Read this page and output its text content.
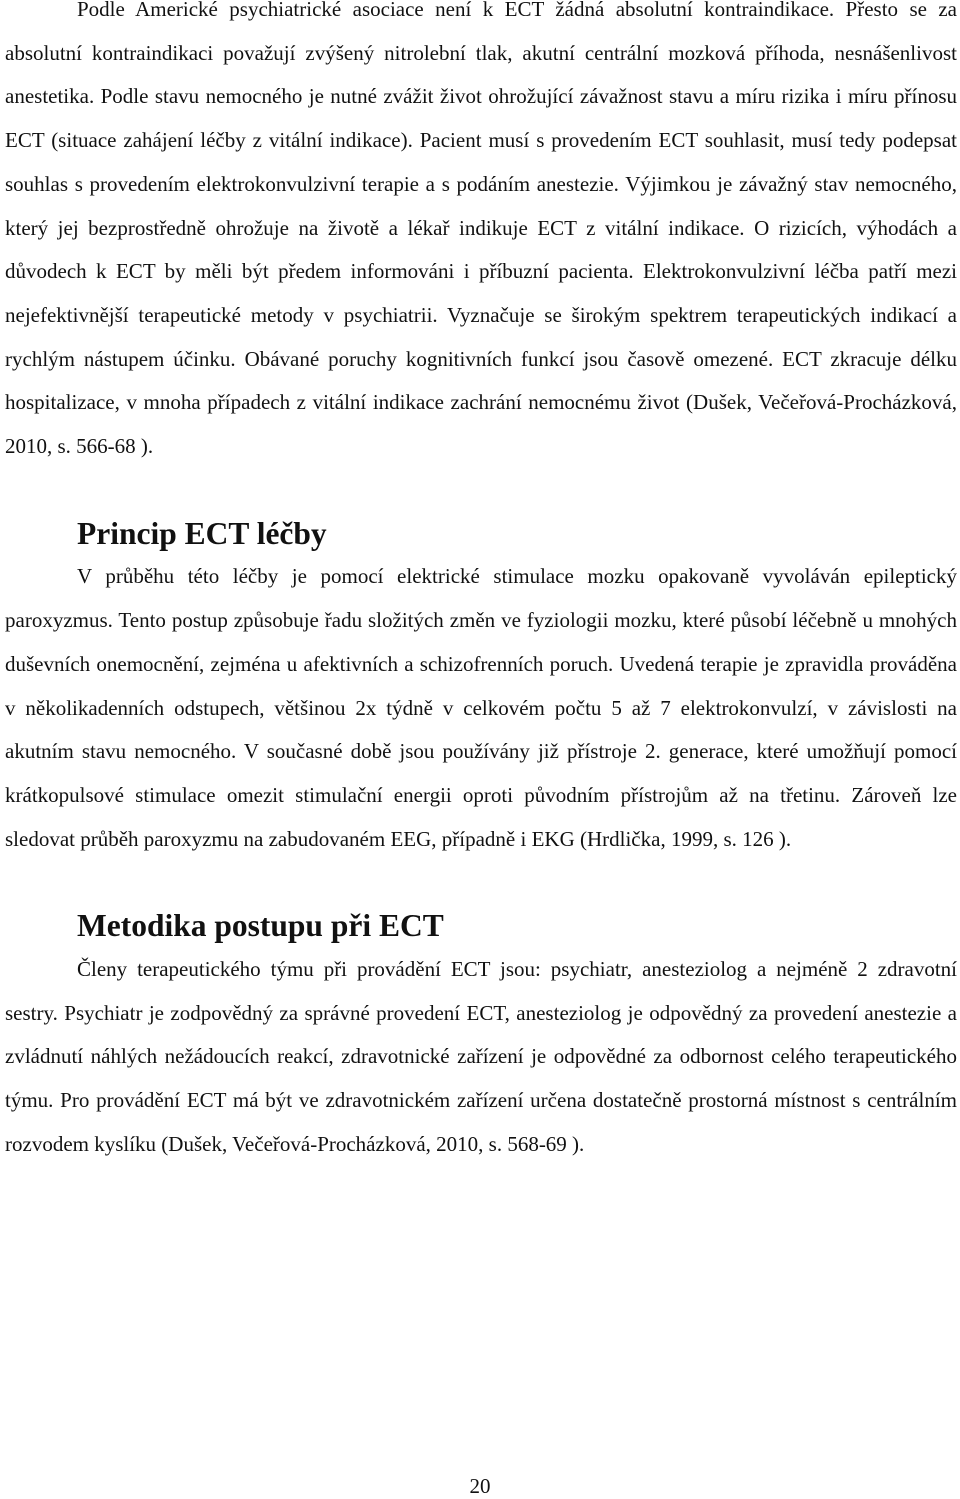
Podle Americké psychiatrické asociace není k ECT žádná absolutní kontraindikace. Přesto se za absolutní kontraindikaci považují zvýšený nitrolební tlak, akutní centrální mozková příhoda, nesnášenlivost anestetika. Podle stavu nemocného je nutné zvážit život ohrožující závažnost stavu a míru rizika i míru přínosu ECT (situace zahájení léčby z vitální indikace). Pacient musí s provedením ECT souhlasit, musí tedy podepsat souhlas s provedením elektrokonvulzivní terapie a s podáním anestezie. Výjimkou je závažný stav nemocného, který jej bezprostředně ohrožuje na životě a lékař indikuje ECT z vitální indikace. O rizicích, výhodách a důvodech k ECT by měli být předem informováni i příbuzní pacienta. Elektrokonvulzivní léčba patří mezi nejefektivnější terapeutické metody v psychiatrii. Vyznačuje se širokým spektrem terapeutických indikací a rychlým nástupem účinku. Obávané poruchy kognitivních funkcí jsou časově omezené. ECT zkracuje délku hospitalizace, v mnoha případech z vitální indikace zachrání nemocnému život (Dušek, Večeřová-Procházková, 2010, s. 566-68 ).

Princip ECT léčby

V průběhu této léčby je pomocí elektrické stimulace mozku opakovaně vyvoláván epileptický paroxyzmus. Tento postup způsobuje řadu složitých změn ve fyziologii mozku, které působí léčebně u mnohých duševních onemocnění, zejména u afektivních a schizofrenních poruch. Uvedená terapie je zpravidla prováděna v několikadenních odstupech, většinou 2x týdně v celkovém počtu 5 až 7 elektrokonvulzí, v závislosti na akutním stavu nemocného. V současné době jsou používány již přístroje 2. generace, které umožňují pomocí krátkopulsové stimulace omezit stimulační energii oproti původním přístrojům až na třetinu. Zároveň lze sledovat průběh paroxyzmu na zabudovaném EEG, případně i EKG (Hrdlička, 1999, s. 126 ).

Metodika postupu při ECT

Členy terapeutického týmu při provádění ECT jsou: psychiatr, anesteziolog a nejméně 2 zdravotní sestry. Psychiatr je zodpovědný za správné provedení ECT, anesteziolog je odpovědný za provedení anestezie a zvládnutí náhlých nežádoucích reakcí, zdravotnické zařízení je odpovědné za odbornost celého terapeutického týmu. Pro provádění ECT má být ve zdravotnickém zařízení určena dostatečně prostorná místnost s centrálním rozvodem kyslíku (Dušek, Večeřová-Procházková, 2010, s. 568-69 ).

20
